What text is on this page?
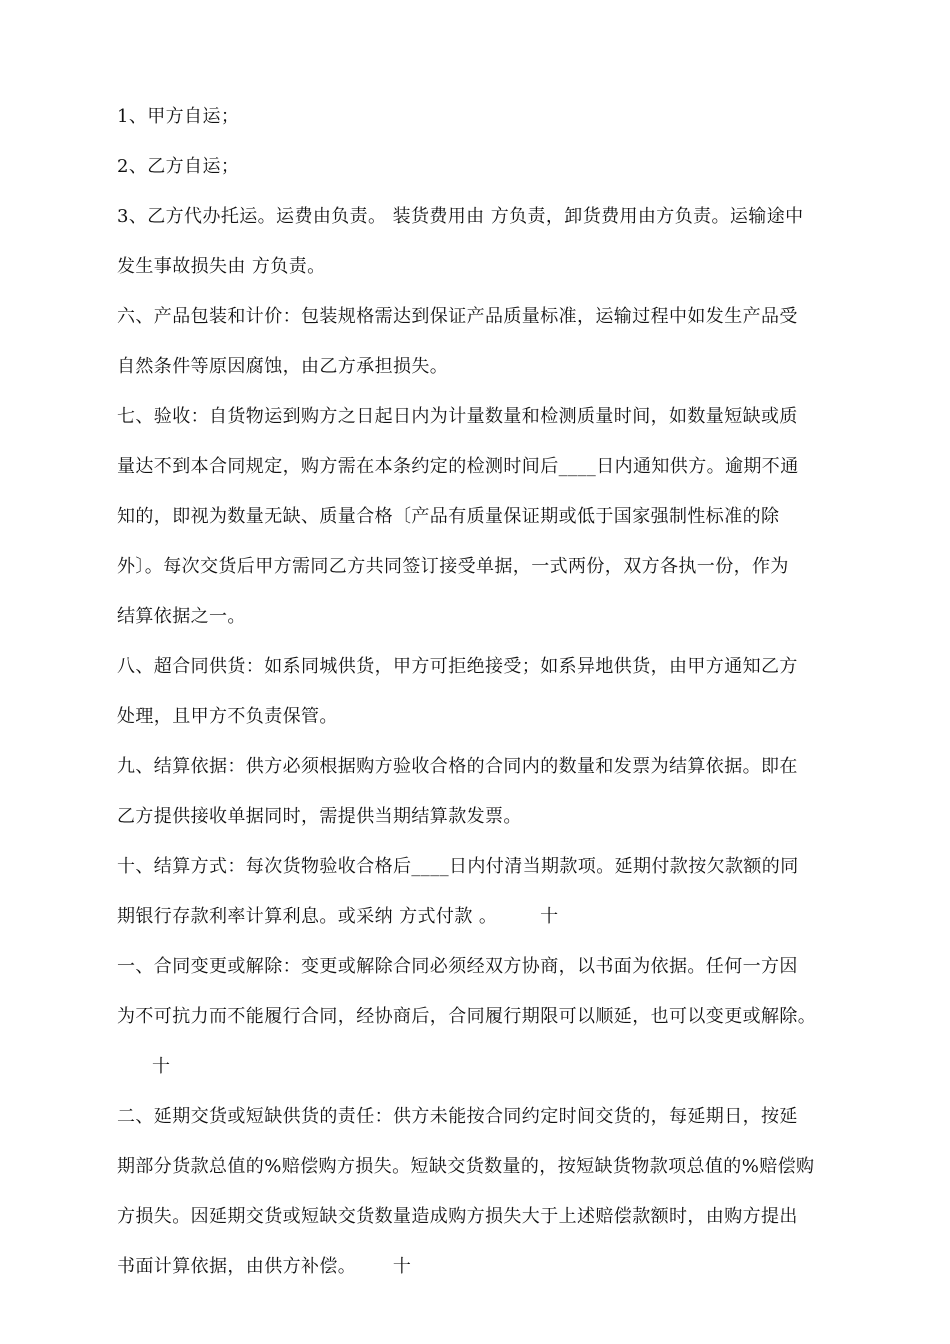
1、甲方自运；
2、乙方自运；
3、乙方代办托运。运费由负责。 装货费用由 方负责，卸货费用由方负责。运输途中
发生事故损失由 方负责。
六、产品包装和计价：包装规格需达到保证产品质量标准，运输过程中如发生产品受
自然条件等原因腐蚀，由乙方承担损失。
七、验收：自货物运到购方之日起日内为计量数量和检测质量时间，如数量短缺或质
量达不到本合同规定，购方需在本条约定的检测时间后____日内通知供方。逾期不通
知的，即视为数量无缺、质量合格〔产品有质量保证期或低于国家强制性标准的除
外〕。每次交货后甲方需同乙方共同签订接受单据，一式两份，双方各执一份，作为
结算依据之一。
八、超合同供货：如系同城供货，甲方可拒绝接受；如系异地供货，由甲方通知乙方
处理，且甲方不负责保管。
九、结算依据：供方必须根据购方验收合格的合同内的数量和发票为结算依据。即在
乙方提供接收单据同时，需提供当期结算款发票。
十、结算方式：每次货物验收合格后____日内付清当期款项。延期付款按欠款额的同
期银行存款利率计算利息。或采纳 方式付款 。       十
一、合同变更或解除：变更或解除合同必须经双方协商，以书面为依据。任何一方因
为不可抗力而不能履行合同，经协商后，合同履行期限可以顺延，也可以变更或解除。
十
二、延期交货或短缺供货的责任：供方未能按合同约定时间交货的，每延期日，按延
期部分货款总值的%赔偿购方损失。短缺交货数量的，按短缺货物款项总值的%赔偿购
方损失。因延期交货或短缺交货数量造成购方损失大于上述赔偿款额时，由购方提出
书面计算依据，由供方补偿。      十
